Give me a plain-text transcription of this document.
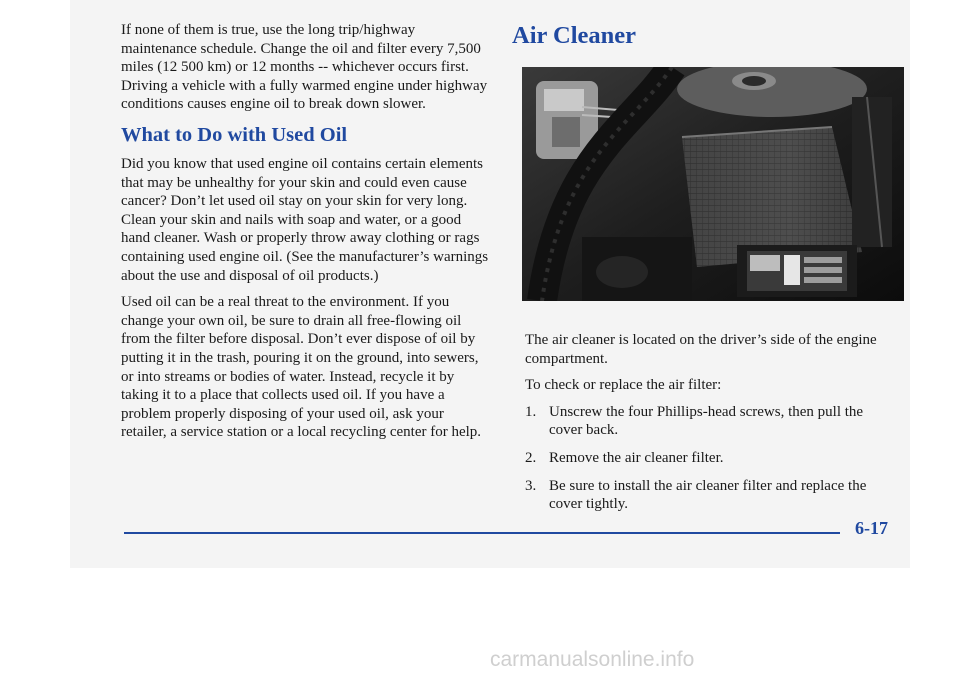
If none of them is true, use the long trip/highway maintenance schedule. Change the oil and filter every 7,500 miles (12 500 km) or 12 months -- whichever occurs first. Driving a vehicle with a fully warmed engine under highway conditions causes engine oil to break down slower.

What to Do with Used Oil

Did you know that used engine oil contains certain elements that may be unhealthy for your skin and could even cause cancer? Don’t let used oil stay on your skin for very long. Clean your skin and nails with soap and water, or a good hand cleaner. Wash or properly throw away clothing or rags containing used engine oil. (See the manufacturer’s warnings about the use and disposal of oil products.)

Used oil can be a real threat to the environment. If you change your own oil, be sure to drain all free-flowing oil from the filter before disposal. Don’t ever dispose of oil by putting it in the trash, pouring it on the ground, into sewers, or into streams or bodies of water. Instead, recycle it by taking it to a place that collects used oil. If you have a problem properly disposing of your used oil, ask your retailer, a service station or a local recycling center for help.

Air Cleaner

The air cleaner is located on the driver’s side of the engine compartment.

To check or replace the air filter:

1. Unscrew the four Phillips-head screws, then pull the cover back.
2. Remove the air cleaner filter.
3. Be sure to install the air cleaner filter and replace the cover tightly.
6-17
carmanualsonline.info
